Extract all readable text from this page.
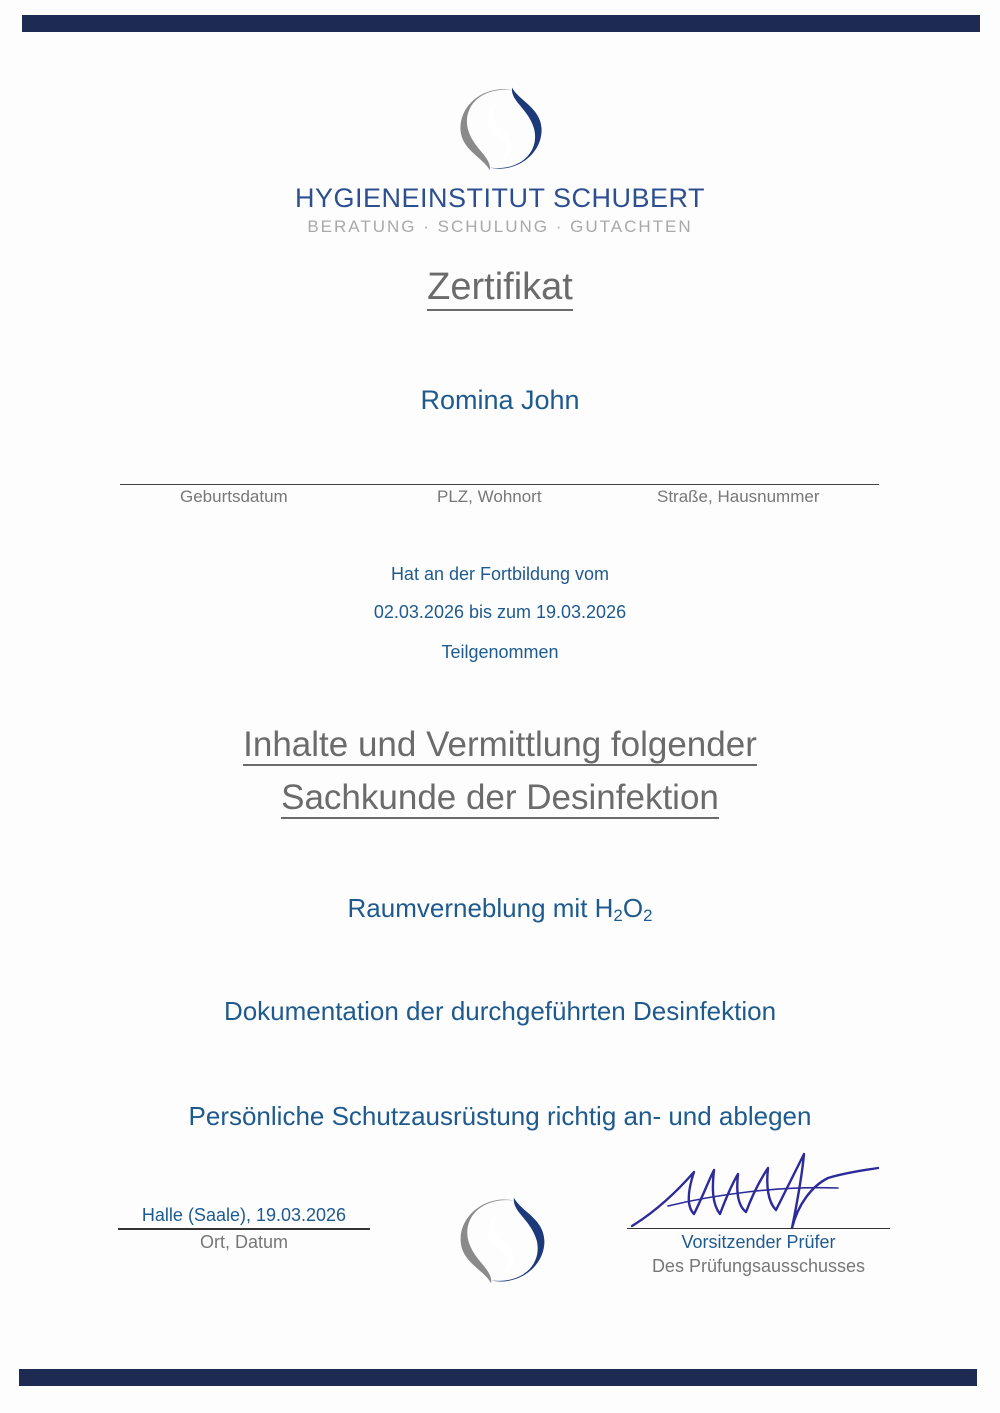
HYGIENEINSTITUT SCHUBERT
BERATUNG · SCHULUNG · GUTACHTEN
Zertifikat
Romina John
Geburtsdatum	PLZ, Wohnort	Straße, Hausnummer
Hat an der Fortbildung vom
02.03.2026 bis zum 19.03.2026
Teilgenommen
Inhalte und Vermittlung folgender
Sachkunde der Desinfektion
Raumverneblung mit $H_2O_2$
Dokumentation der durchgeführten Desinfektion
Persönliche Schutzausrüstung richtig an- und ablegen
Halle (Saale), 19.03.2026
Ort, Datum	Vorsitzender Prüfer
Des Prüfungsausschusses
